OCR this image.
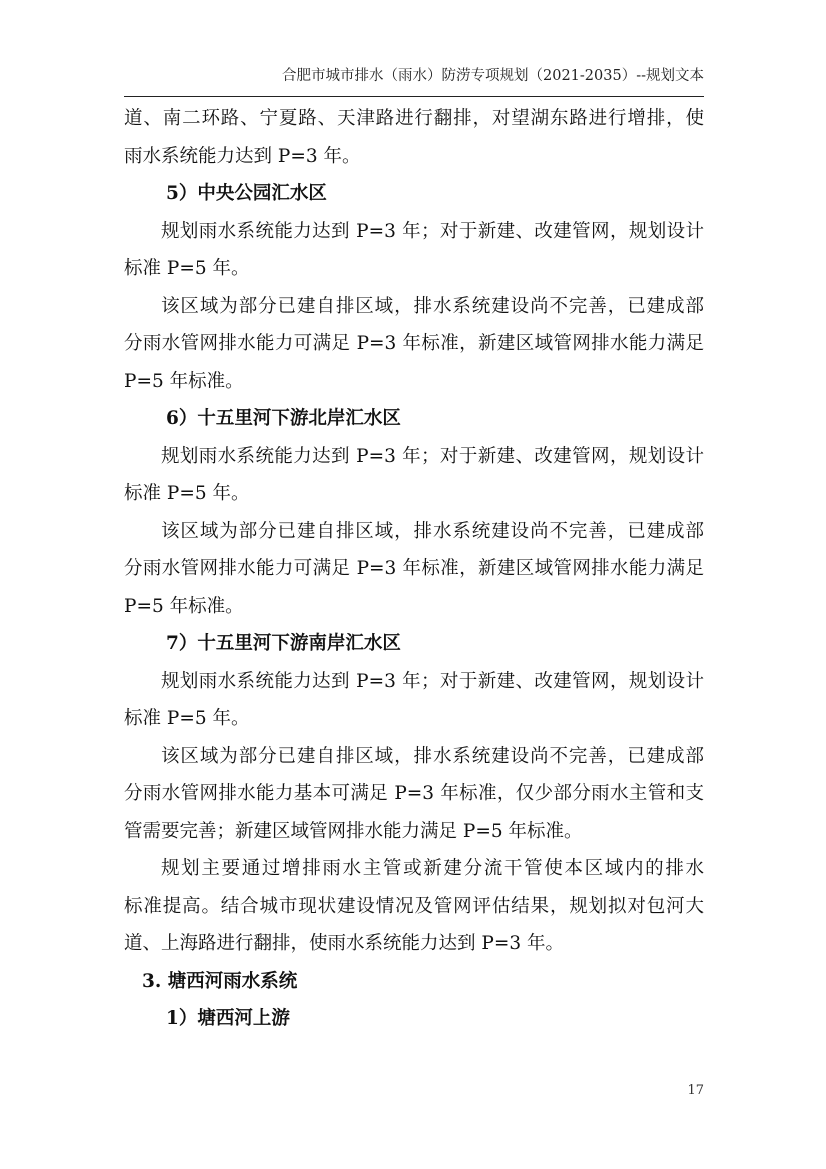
合肥市城市排水（雨水）防涝专项规划（2021-2035）--规划文本
道、南二环路、宁夏路、天津路进行翻排，对望湖东路进行增排，使
雨水系统能力达到 P=3 年。
5）中央公园汇水区
规划雨水系统能力达到 P=3 年；对于新建、改建管网，规划设计
标准 P=5 年。
该区域为部分已建自排区域，排水系统建设尚不完善，已建成部
分雨水管网排水能力可满足 P=3 年标准，新建区域管网排水能力满足
P=5 年标准。
6）十五里河下游北岸汇水区
规划雨水系统能力达到 P=3 年；对于新建、改建管网，规划设计
标准 P=5 年。
该区域为部分已建自排区域，排水系统建设尚不完善，已建成部
分雨水管网排水能力可满足 P=3 年标准，新建区域管网排水能力满足
P=5 年标准。
7）十五里河下游南岸汇水区
规划雨水系统能力达到 P=3 年；对于新建、改建管网，规划设计
标准 P=5 年。
该区域为部分已建自排区域，排水系统建设尚不完善，已建成部
分雨水管网排水能力基本可满足 P=3 年标准，仅少部分雨水主管和支
管需要完善；新建区域管网排水能力满足 P=5 年标准。
规划主要通过增排雨水主管或新建分流干管使本区域内的排水
标准提高。结合城市现状建设情况及管网评估结果，规划拟对包河大
道、上海路进行翻排，使雨水系统能力达到 P=3 年。
3. 塘西河雨水系统
1）塘西河上游
17
